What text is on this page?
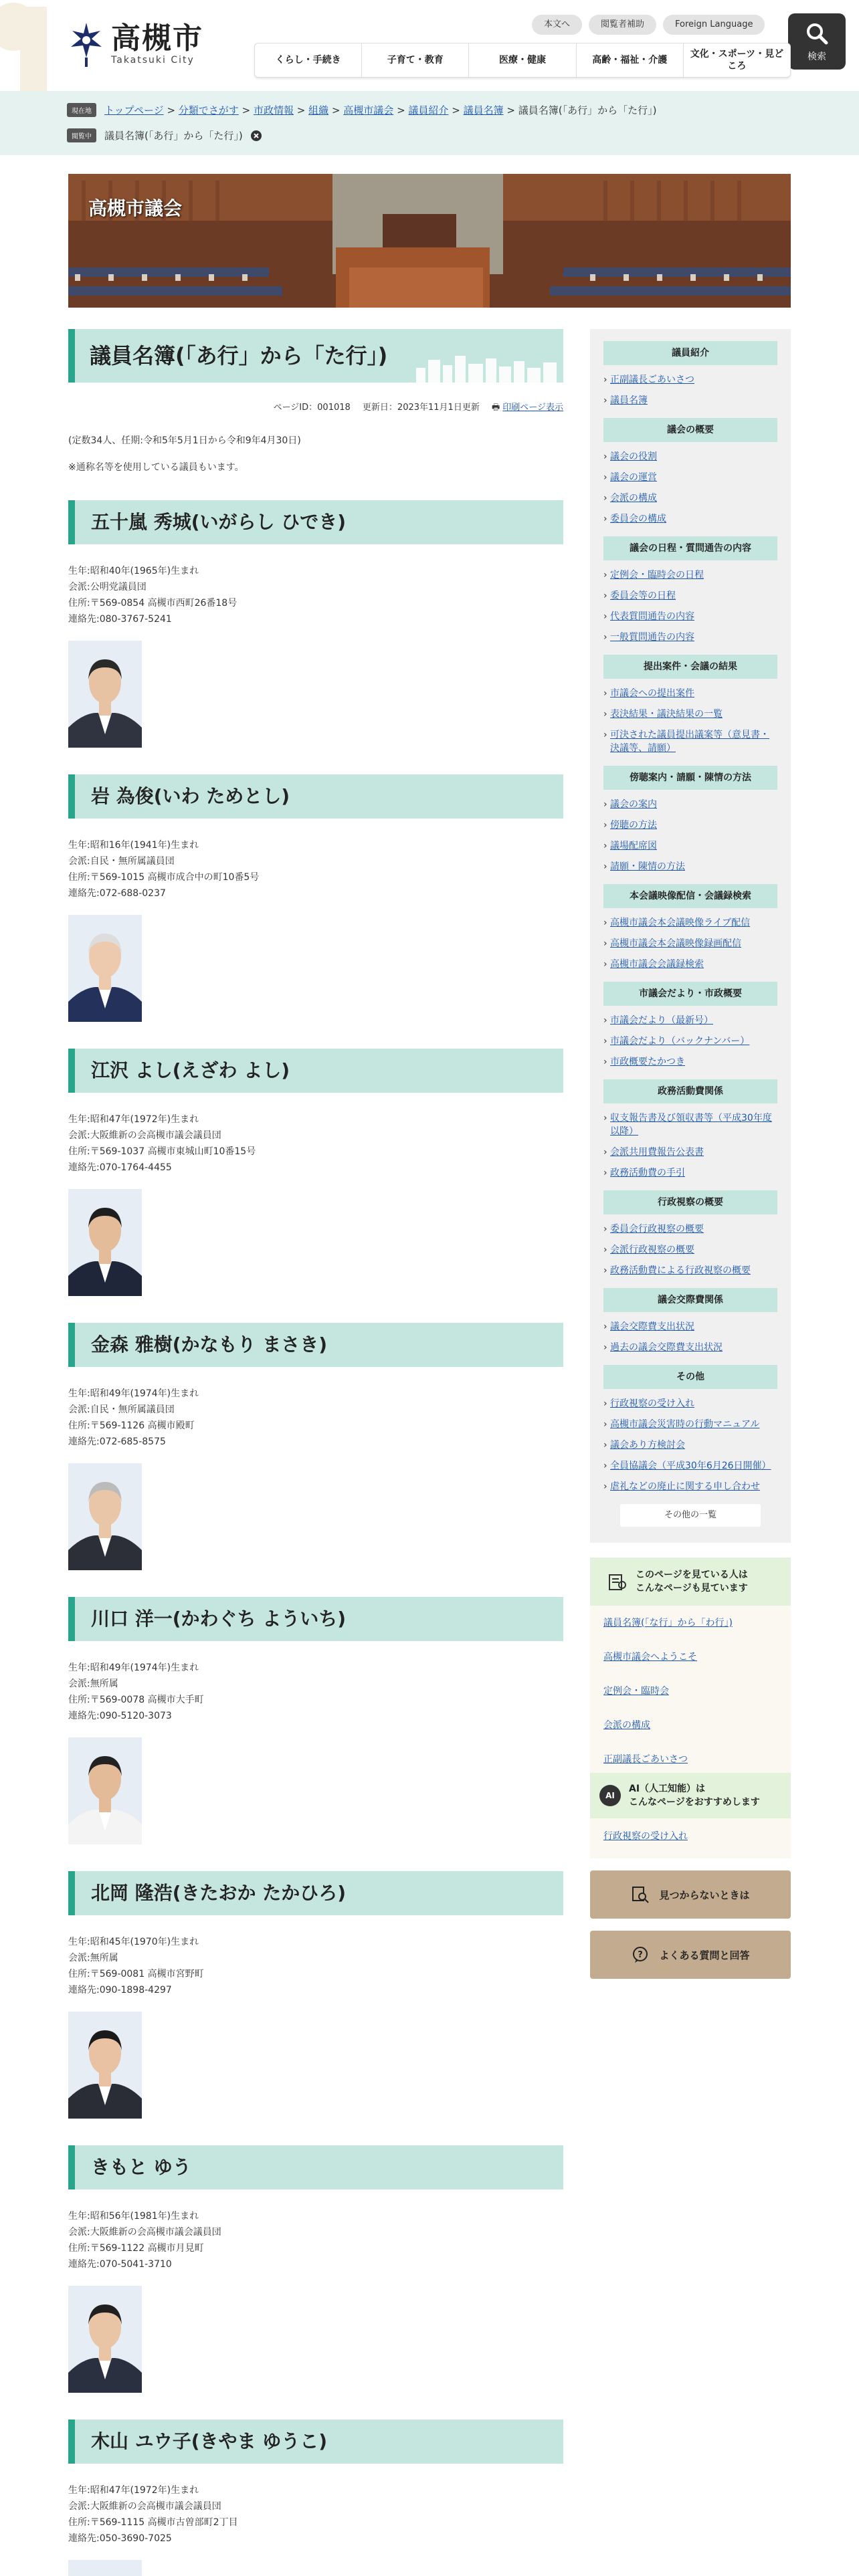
高槻市
Takatsuki City
本文へ	閲覧者補助	Foreign Language
検索
くらし・手続き	子育て・教育	医療・健康	高齢・福祉・介護
文化・スポーツ・見どころ
現在地	トップページ > 分類でさがす > 市政情報 > 組織 > 高槻市議会 > 議員紹介 > 議員名簿 > 議員名簿(「あ行」から「た行」)
閲覧中	議員名簿(「あ行」から「た行」)
高槻市議会
議員名簿(「あ行」から「た行」)
ページID：001018 更新日：2023年11月1日更新 🖶 印刷ページ表示

(定数34人、任期:令和5年5月1日から令和9年4月30日)

※通称名等を使用している議員もいます。

五十嵐 秀城(いがらし ひでき)
生年:昭和40年(1965年)生まれ
会派:公明党議員団
住所:〒569-0854 高槻市西町26番18号
連絡先:080-3767-5241
岩 為俊(いわ ためとし)
生年:昭和16年(1941年)生まれ
会派:自民・無所属議員団
住所:〒569-1015 高槻市成合中の町10番5号
連絡先:072-688-0237
江沢 よし(えざわ よし)
生年:昭和47年(1972年)生まれ
会派:大阪維新の会高槻市議会議員団
住所:〒569-1037 高槻市東城山町10番15号
連絡先:070-1764-4455
金森 雅樹(かなもり まさき)
生年:昭和49年(1974年)生まれ
会派:自民・無所属議員団
住所:〒569-1126 高槻市殿町
連絡先:072‐685‐8575
川口 洋一(かわぐち よういち)
生年:昭和49年(1974年)生まれ
会派:無所属
住所:〒569-0078 高槻市大手町
連絡先:090-5120-3073
北岡 隆浩(きたおか たかひろ)
生年:昭和45年(1970年)生まれ
会派:無所属
住所:〒569-0081 高槻市宮野町
連絡先:090-1898-4297
きもと ゆう
生年:昭和56年(1981年)生まれ
会派:大阪維新の会高槻市議会議員団
住所:〒569-1122 高槻市月見町
連絡先:070-5041-3710
木山 ユウ子(きやま ゆうこ)
生年:昭和47年(1972年)生まれ
会派:大阪維新の会高槻市議会議員団
住所:〒569-1115 高槻市古曽部町2丁目
連絡先:050-3690-7025
議員紹介
› 正副議長ごあいさつ
› 議員名簿
議会の概要
› 議会の役割
› 議会の運営
› 会派の構成
› 委員会の構成
議会の日程・質問通告の内容
› 定例会・臨時会の日程
› 委員会等の日程
› 代表質問通告の内容
› 一般質問通告の内容
提出案件・会議の結果
› 市議会への提出案件
› 表決結果・議決結果の一覧
› 可決された議員提出議案等（意見書・決議等、請願）
傍聴案内・請願・陳情の方法
› 議会の案内
› 傍聴の方法
› 議場配席図
› 請願・陳情の方法
本会議映像配信・会議録検索
› 高槻市議会本会議映像ライブ配信
› 高槻市議会本会議映像録画配信
› 高槻市議会会議録検索
市議会だより・市政概要
› 市議会だより（最新号）
› 市議会だより（バックナンバー）
› 市政概要たかつき
政務活動費関係
› 収支報告書及び領収書等（平成30年度以降）
› 会派共用費報告公表書
› 政務活動費の手引
行政視察の概要
› 委員会行政視察の概要
› 会派行政視察の概要
› 政務活動費による行政視察の概要
議会交際費関係
› 議会交際費支出状況
› 過去の議会交際費支出状況
その他
› 行政視察の受け入れ
› 高槻市議会災害時の行動マニュアル
› 議会あり方検討会
› 全員協議会（平成30年6月26日開催）
› 虐礼などの廃止に関する申し合わせ
その他の一覧
このページを見ている人は
こんなページも見ています
議員名簿(「な行」から「わ行」)
高槻市議会へようこそ
定例会・臨時会
会派の構成
正副議長ごあいさつ
AI
AI（人工知能）は
こんなページをおすすめします
行政視察の受け入れ
見つからないときは
? よくある質問と回答
